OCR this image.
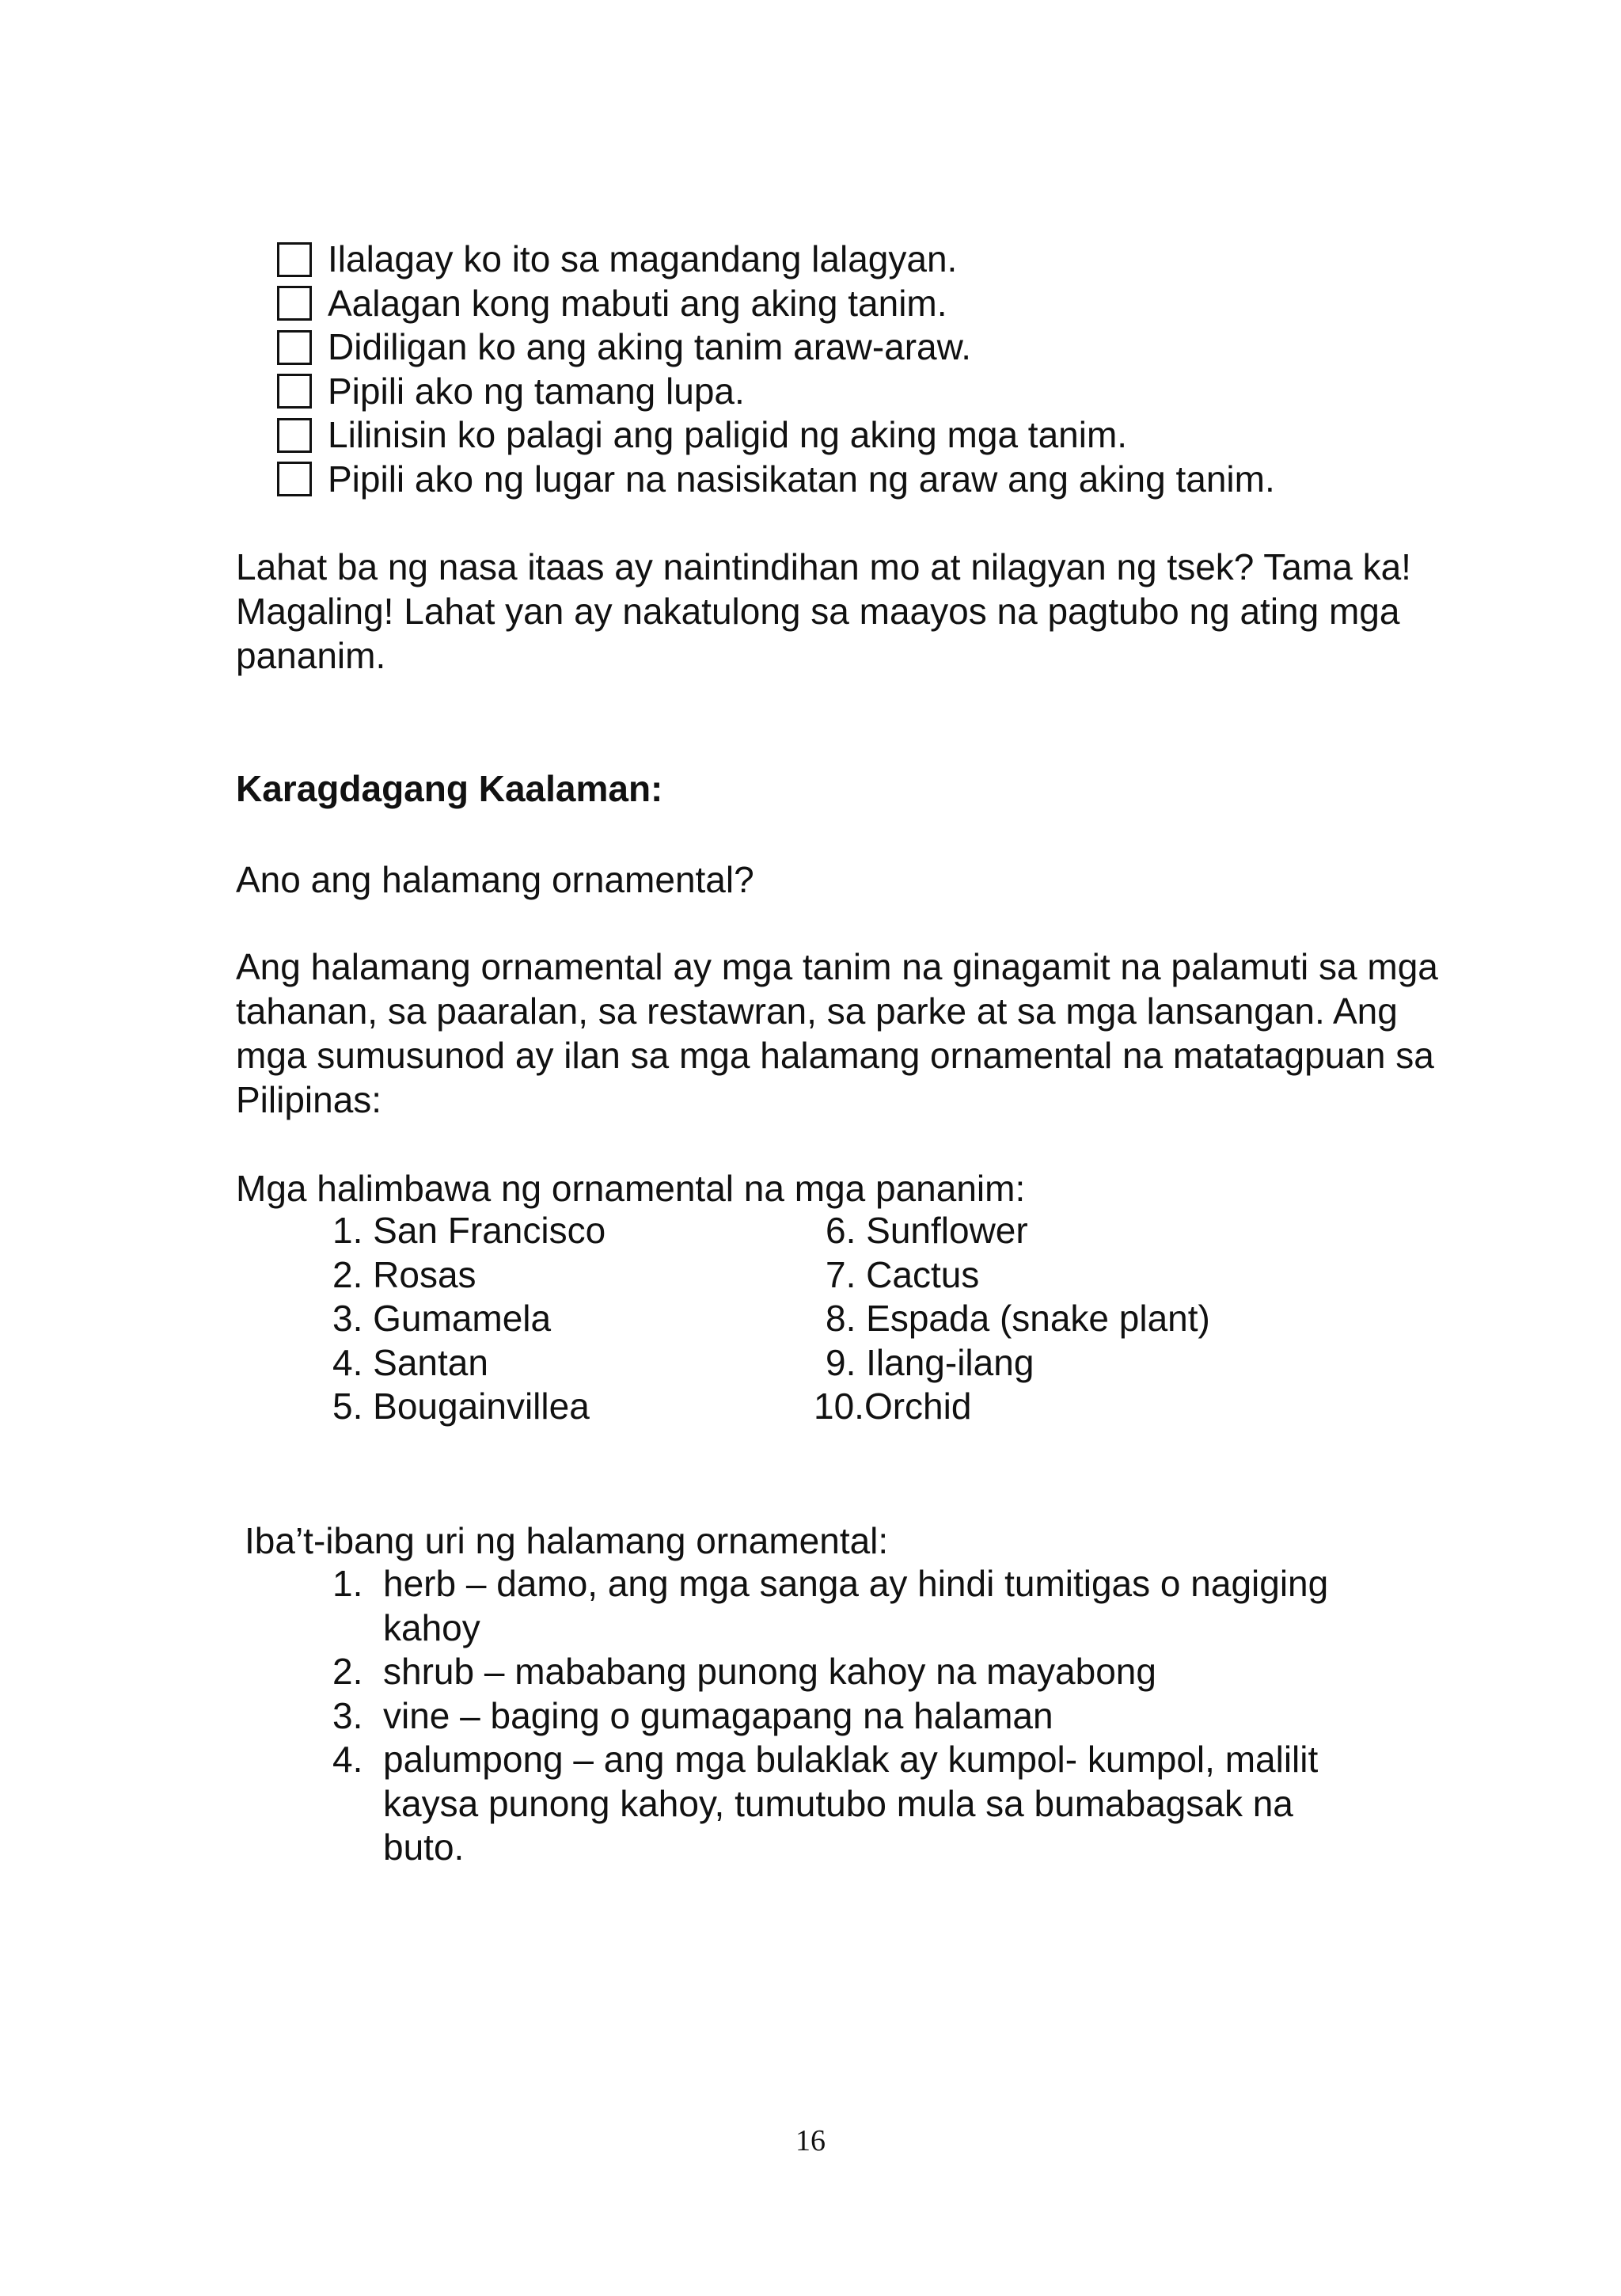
Ilalagay ko ito sa magandang lalagyan.
Aalagan kong mabuti ang aking tanim.
Didiligan ko ang aking tanim araw-araw.
Pipili ako ng tamang lupa.
Lilinisin ko palagi ang paligid ng aking mga tanim.
Pipili ako ng lugar na nasisikatan ng araw ang aking tanim.

Lahat ba ng nasa itaas ay naintindihan mo at nilagyan ng tsek? Tama ka! Magaling! Lahat yan ay nakatulong sa maayos na pagtubo ng ating mga pananim.

Karagdagang Kaalaman:
Ano ang halamang ornamental?

Ang halamang ornamental ay mga tanim na ginagamit na palamuti sa mga tahanan, sa paaralan, sa restawran, sa parke at sa mga lansangan. Ang mga sumusunod ay ilan sa mga halamang ornamental na matatagpuan sa Pilipinas:

Mga halimbawa ng ornamental na mga pananim:
1. San Francisco
2. Rosas
3. Gumamela
4. Santan
5. Bougainvillea
6. Sunflower
7. Cactus
8. Espada (snake plant)
9. Ilang-ilang
10.Orchid
Iba’t-ibang uri ng halamang ornamental:
1. herb – damo, ang mga sanga ay hindi tumitigas o nagiging kahoy
2. shrub – mababang punong kahoy na mayabong
3. vine – baging o gumagapang na halaman
4. palumpong – ang mga bulaklak ay kumpol- kumpol, malilit kaysa punong kahoy, tumutubo mula sa bumabagsak na buto.
16
